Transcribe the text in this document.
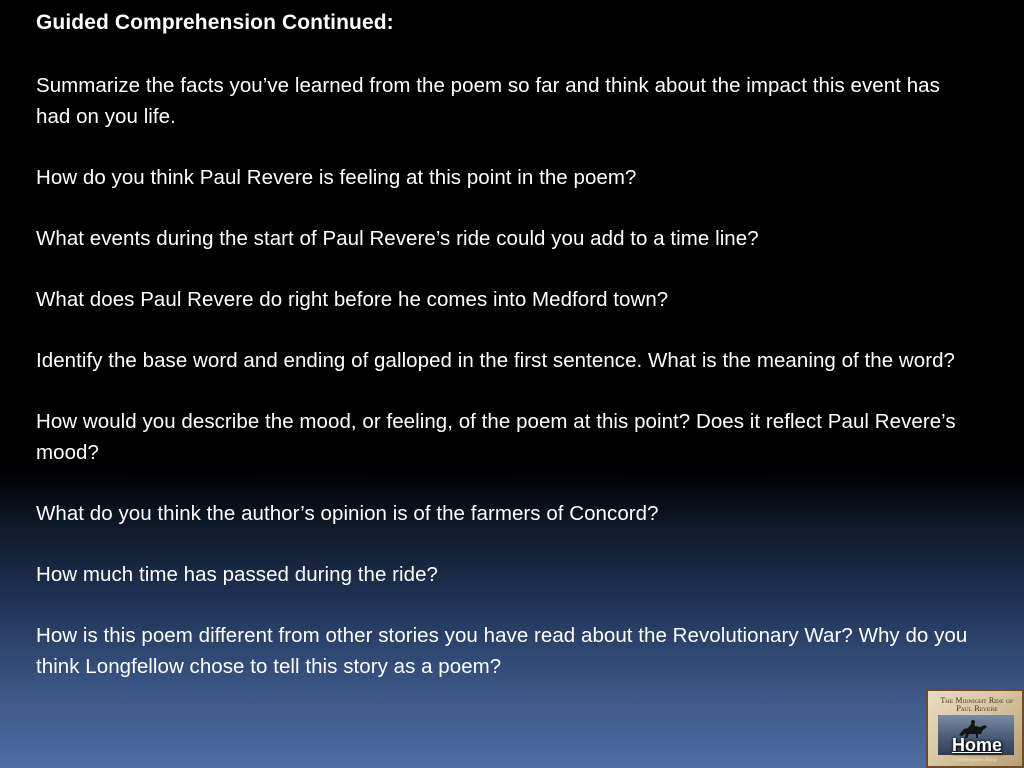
Guided Comprehension Continued:
Summarize the facts you’ve learned from the poem so far and think about the impact this event has had on you life.
How do you think Paul Revere is feeling at this point in the poem?
What events during the start of Paul Revere’s ride could you add to a time line?
What does Paul Revere do right before he comes into Medford town?
Identify the base word and ending of galloped in the first sentence. What is the meaning of the word?
How would you describe the mood, or feeling, of the poem at this point? Does it reflect Paul Revere’s mood?
What do you think the author’s opinion is of the farmers of Concord?
How much time has passed during the ride?
How is this poem different from other stories you have read about the Revolutionary War? Why do you think Longfellow chose to tell this story as a poem?
The Midnight Ride of Paul Revere
Home
Christopher Bing
